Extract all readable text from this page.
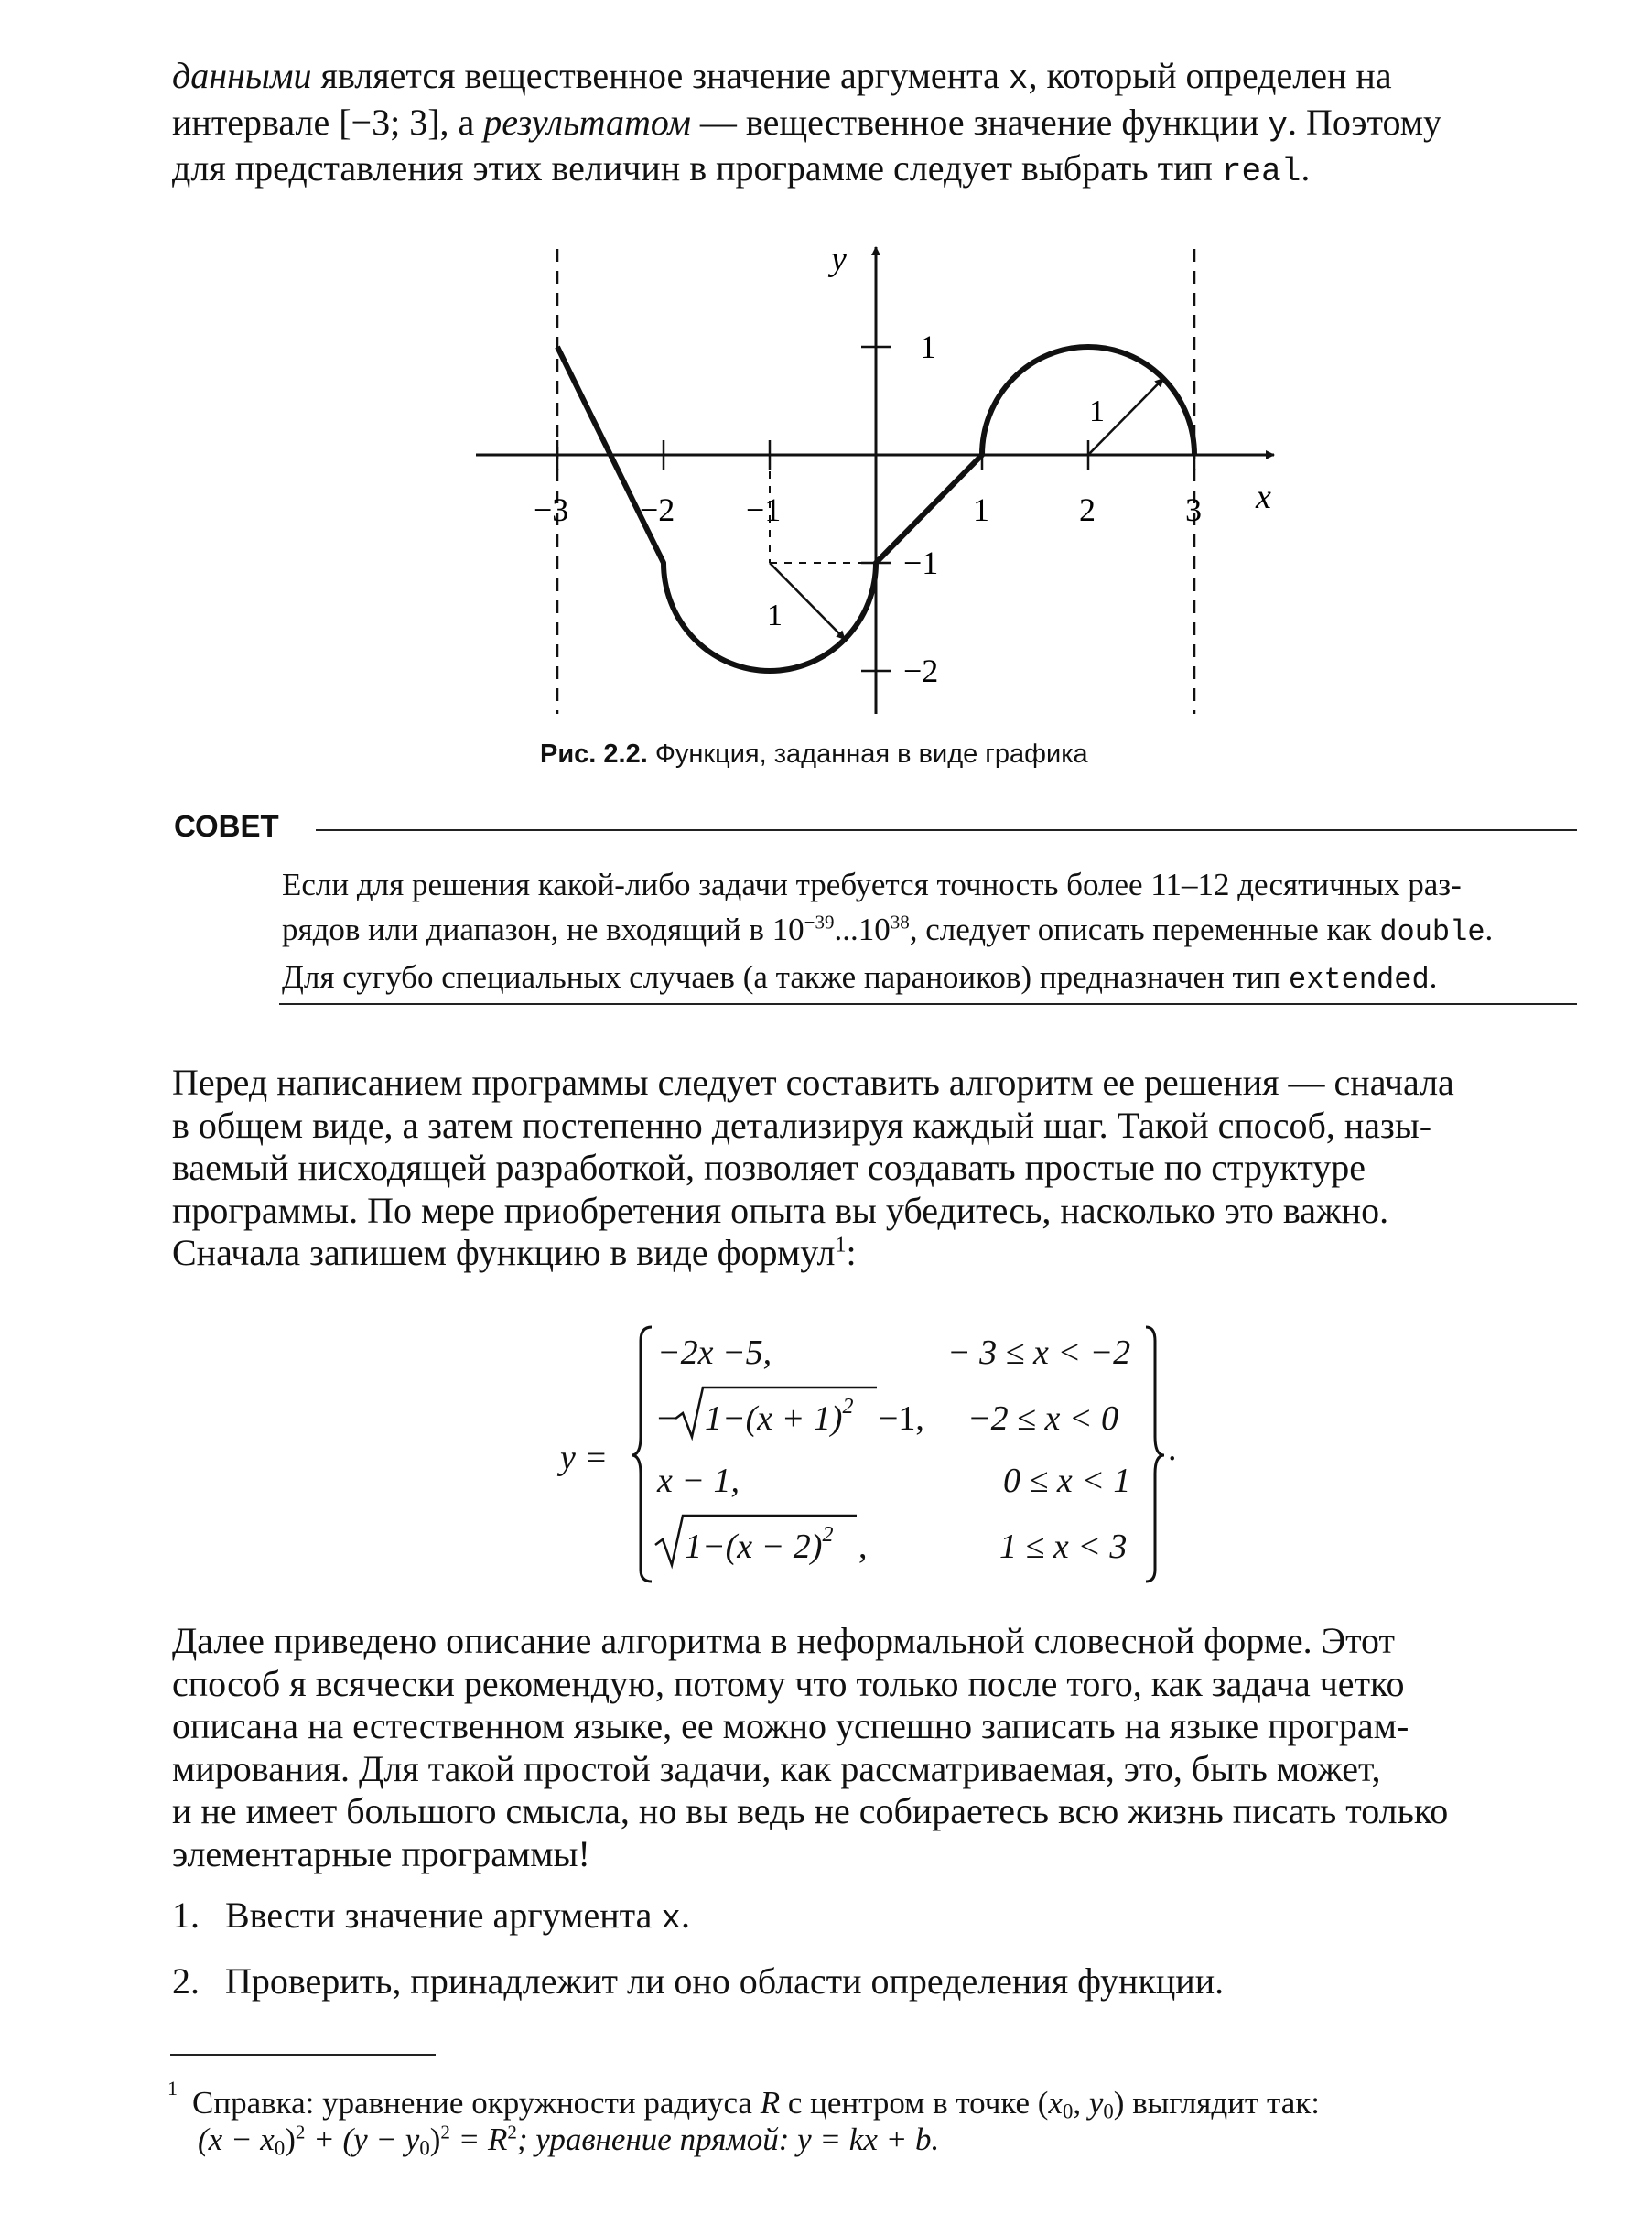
данными является вещественное значение аргумента x, который определен на
интервале [−3; 3], а результатом — вещественное значение функции y. Поэтому
для представления этих величин в программе следует выбрать тип real.
−3 −2 −1	1	2	3
1
−1
−2
x
y
1
1
Рис. 2.2. Функция, заданная в виде графика
СОВЕТ
Если для решения какой-либо задачи требуется точность более 11–12 десятичных раз-
рядов или диапазон, не входящий в $10^{-39}...10^{38}$, следует описать переменные как double.
Для сугубо специальных случаев (а также параноиков) предназначен тип extended.
Перед написанием программы следует составить алгоритм ее решения — сначала
в общем виде, а затем постепенно детализируя каждый шаг. Такой способ, назы-
ваемый нисходящей разработкой, позволяет создавать простые по структуре
программы. По мере приобретения опыта вы убедитесь, насколько это важно.
Сначала запишем функцию в виде формул$^1$:
y =	.
−2x −5,	− 3 ≤ x < −2
− $1-(x + 1)^2 -1$, −2 ≤ x < 0
x − 1,	0 ≤ x < 1
$1-(x - 2)^2$ ,	1 ≤ x < 3
Далее приведено описание алгоритма в неформальной словесной форме. Этот
способ я всячески рекомендую, потому что только после того, как задача четко
описана на естественном языке, ее можно успешно записать на языке програм-
мирования. Для такой простой задачи, как рассматриваемая, это, быть может,
и не имеет большого смысла, но вы ведь не собираетесь всю жизнь писать только
элементарные программы!
1. Ввести значение аргумента x.
2. Проверить, принадлежит ли оно области определения функции.
$^1$ Справка: уравнение окружности радиуса R с центром в точке ($x_0$, $y_0$) выглядит так:
$(x - x_0)^2 + (y - y_0)^2 = R^2$; уравнение прямой: y = kx + b.
